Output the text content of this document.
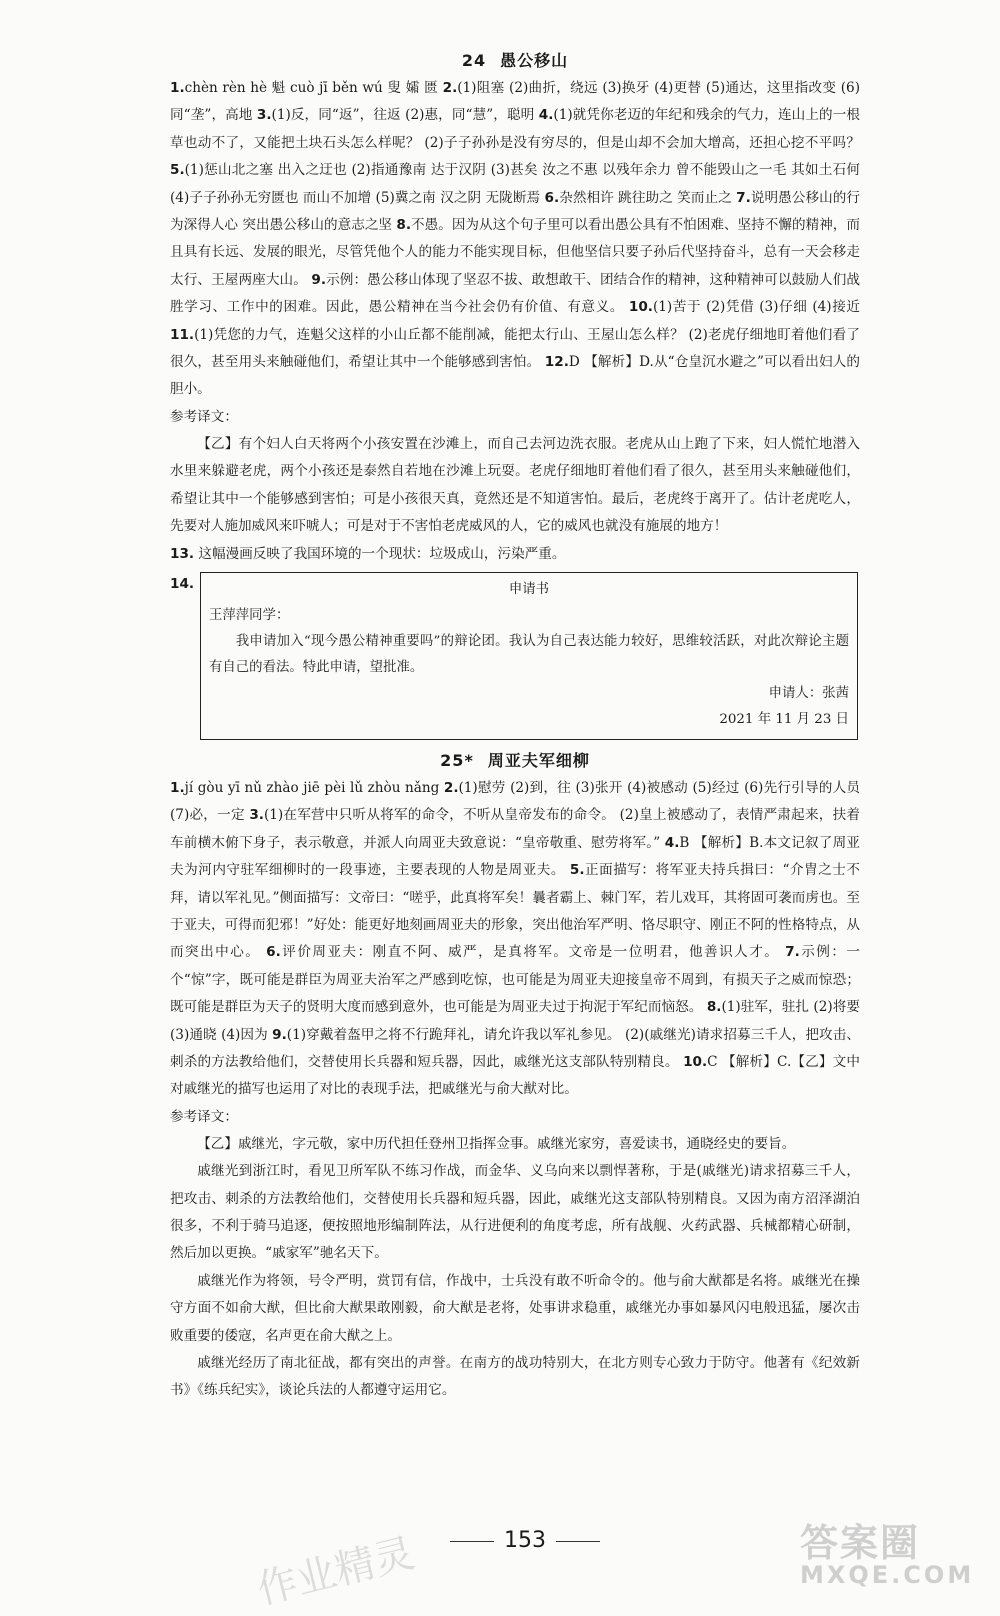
24 愚公移山

1.chèn rèn hè 魁 cuò jī běn wú 叟 孀 匮 2.(1)阻塞 (2)曲折，绕远 (3)换牙 (4)更替 (5)通达，这里指改变 (6)同“垄”，高地 3.(1)反，同“返”，往返 (2)惠，同“慧”，聪明 4.(1)就凭你老迈的年纪和残余的气力，连山上的一根草也动不了，又能把土块石头怎么样呢？ (2)子子孙孙是没有穷尽的，但是山却不会加大增高，还担心挖不平吗？ 5.(1)惩山北之塞 出入之迂也 (2)指通豫南 达于汉阴 (3)甚矣 汝之不惠 以残年余力 曾不能毁山之一毛 其如土石何 (4)子子孙孙无穷匮也 而山不加增 (5)冀之南 汉之阴 无陇断焉 6.杂然相许 跳往助之 笑而止之 7.说明愚公移山的行为深得人心 突出愚公移山的意志之坚 8.不愚。因为从这个句子里可以看出愚公具有不怕困难、坚持不懈的精神，而且具有长远、发展的眼光，尽管凭他个人的能力不能实现目标，但他坚信只要子孙后代坚持奋斗，总有一天会移走太行、王屋两座大山。 9.示例：愚公移山体现了坚忍不拔、敢想敢干、团结合作的精神，这种精神可以鼓励人们战胜学习、工作中的困难。因此，愚公精神在当今社会仍有价值、有意义。 10.(1)苦于 (2)凭借 (3)仔细 (4)接近 11.(1)凭您的力气，连魁父这样的小山丘都不能削减，能把太行山、王屋山怎么样？ (2)老虎仔细地盯着他们看了很久，甚至用头来触碰他们，希望让其中一个能够感到害怕。 12.D 【解析】D.从“仓皇沉水避之”可以看出妇人的胆小。

参考译文：

【乙】有个妇人白天将两个小孩安置在沙滩上，而自己去河边洗衣服。老虎从山上跑了下来，妇人慌忙地潜入水里来躲避老虎，两个小孩还是泰然自若地在沙滩上玩耍。老虎仔细地盯着他们看了很久，甚至用头来触碰他们，希望让其中一个能够感到害怕；可是小孩很天真，竟然还是不知道害怕。最后，老虎终于离开了。估计老虎吃人，先要对人施加威风来吓唬人；可是对于不害怕老虎威风的人，它的威风也就没有施展的地方！

13. 这幅漫画反映了我国环境的一个现状：垃圾成山，污染严重。

14.	申请书
王萍萍同学：
我申请加入“现今愚公精神重要吗”的辩论团。我认为自己表达能力较好，思维较活跃，对此次辩论主题有自己的看法。特此申请，望批准。
申请人：张茜
2021 年 11 月 23 日
25* 周亚夫军细柳

1.jí gòu yī nǔ zhào jiē pèi lǔ zhòu nǎng 2.(1)慰劳 (2)到，往 (3)张开 (4)被感动 (5)经过 (6)先行引导的人员 (7)必，一定 3.(1)在军营中只听从将军的命令，不听从皇帝发布的命令。 (2)皇上被感动了，表情严肃起来，扶着车前横木俯下身子，表示敬意，并派人向周亚夫致意说：“皇帝敬重、慰劳将军。” 4.B 【解析】B.本文记叙了周亚夫为河内守驻军细柳时的一段事迹，主要表现的人物是周亚夫。 5.正面描写：将军亚夫持兵揖曰：“介胄之士不拜，请以军礼见。”侧面描写：文帝曰：“嗟乎，此真将军矣！曩者霸上、棘门军，若儿戏耳，其将固可袭而虏也。至于亚夫，可得而犯邪！”好处：能更好地刻画周亚夫的形象，突出他治军严明、恪尽职守、刚正不阿的性格特点，从而突出中心。 6.评价周亚夫：刚直不阿、威严，是真将军。文帝是一位明君，他善识人才。 7.示例：一个“惊”字，既可能是群臣为周亚夫治军之严感到吃惊，也可能是为周亚夫迎接皇帝不周到，有损天子之威而惊恐；既可能是群臣为天子的贤明大度而感到意外，也可能是为周亚夫过于拘泥于军纪而恼怒。 8.(1)驻军，驻扎 (2)将要 (3)通晓 (4)因为 9.(1)穿戴着盔甲之将不行跪拜礼，请允许我以军礼参见。 (2)(戚继光)请求招募三千人，把攻击、刺杀的方法教给他们，交替使用长兵器和短兵器，因此，戚继光这支部队特别精良。 10.C 【解析】C.【乙】文中对戚继光的描写也运用了对比的表现手法，把戚继光与俞大猷对比。

参考译文：

【乙】戚继光，字元敬，家中历代担任登州卫指挥佥事。戚继光家穷，喜爱读书，通晓经史的要旨。

戚继光到浙江时，看见卫所军队不练习作战，而金华、义乌向来以剽悍著称，于是(戚继光)请求招募三千人，把攻击、刺杀的方法教给他们，交替使用长兵器和短兵器，因此，戚继光这支部队特别精良。又因为南方沼泽湖泊很多，不利于骑马追逐，便按照地形编制阵法，从行进便利的角度考虑，所有战舰、火药武器、兵械都精心研制，然后加以更换。“戚家军”驰名天下。

戚继光作为将领，号令严明，赏罚有信，作战中，士兵没有敢不听命令的。他与俞大猷都是名将。戚继光在操守方面不如俞大猷，但比俞大猷果敢刚毅，俞大猷是老将，处事讲求稳重，戚继光办事如暴风闪电般迅猛，屡次击败重要的倭寇，名声更在俞大猷之上。

戚继光经历了南北征战，都有突出的声誉。在南方的战功特别大，在北方则专心致力于防守。他著有《纪效新书》《练兵纪实》，谈论兵法的人都遵守运用它。

153
作业精灵	答案圈
MXQE.COM
